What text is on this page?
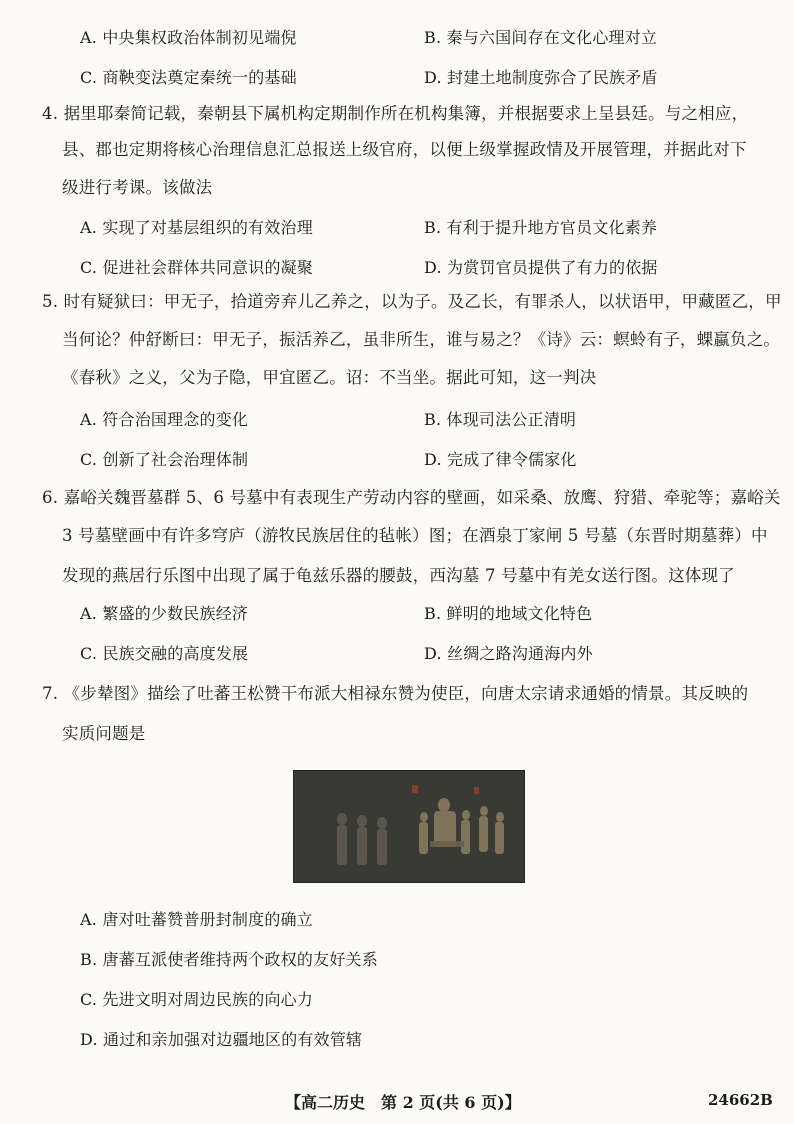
A. 中央集权政治体制初见端倪	B. 秦与六国间存在文化心理对立
C. 商鞅变法奠定秦统一的基础	D. 封建土地制度弥合了民族矛盾
4. 据里耶秦简记载，秦朝县下属机构定期制作所在机构集簿，并根据要求上呈县廷。与之相应，
县、郡也定期将核心治理信息汇总报送上级官府，以便上级掌握政情及开展管理，并据此对下
级进行考课。该做法
A. 实现了对基层组织的有效治理	B. 有利于提升地方官员文化素养
C. 促进社会群体共同意识的凝聚	D. 为赏罚官员提供了有力的依据
5. 时有疑狱曰：甲无子，拾道旁弃儿乙养之，以为子。及乙长，有罪杀人，以状语甲，甲藏匿乙，甲
当何论？仲舒断曰：甲无子，振活养乙，虽非所生，谁与易之？《诗》云：螟蛉有子，蜾蠃负之。
《春秋》之义，父为子隐，甲宜匿乙。诏：不当坐。据此可知，这一判决
A. 符合治国理念的变化	B. 体现司法公正清明
C. 创新了社会治理体制	D. 完成了律令儒家化
6. 嘉峪关魏晋墓群 5、6 号墓中有表现生产劳动内容的壁画，如采桑、放鹰、狩猎、牵驼等；嘉峪关
3 号墓壁画中有许多穹庐（游牧民族居住的毡帐）图；在酒泉丁家闸 5 号墓（东晋时期墓葬）中
发现的燕居行乐图中出现了属于龟兹乐器的腰鼓，西沟墓 7 号墓中有羌女送行图。这体现了
A. 繁盛的少数民族经济	B. 鲜明的地域文化特色
C. 民族交融的高度发展	D. 丝绸之路沟通海内外
7. 《步辇图》描绘了吐蕃王松赞干布派大相禄东赞为使臣，向唐太宗请求通婚的情景。其反映的
实质问题是
A. 唐对吐蕃赞普册封制度的确立
B. 唐蕃互派使者维持两个政权的友好关系
C. 先进文明对周边民族的向心力
D. 通过和亲加强对边疆地区的有效管辖
【高二历史　第 2 页(共 6 页)】	24662B
